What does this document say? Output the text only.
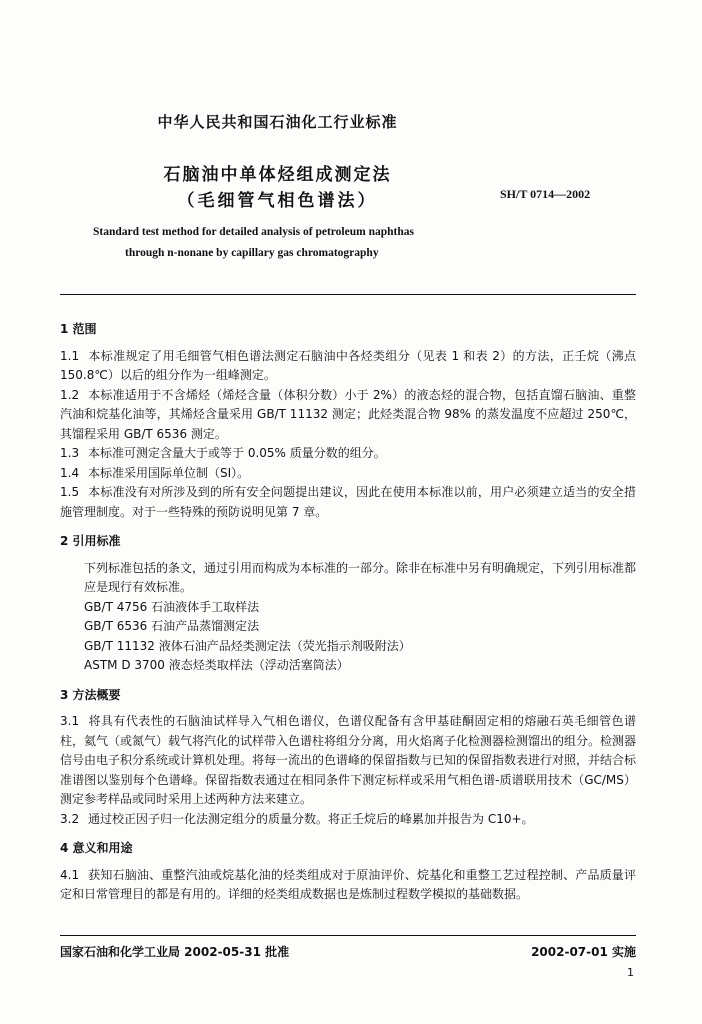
中华人民共和国石油化工行业标准
石脑油中单体烃组成测定法
（毛细管气相色谱法）	SH/T 0714—2002
Standard test method for detailed analysis of petroleum naphthas
through n-nonane by capillary gas chromatography
1 范围
1.1 本标准规定了用毛细管气相色谱法测定石脑油中各烃类组分（见表 1 和表 2）的方法，正壬烷（沸点 150.8℃）以后的组分作为一组峰测定。
1.2 本标准适用于不含烯烃（烯烃含量（体积分数）小于 2%）的液态烃的混合物，包括直馏石脑油、重整汽油和烷基化油等，其烯烃含量采用 GB/T 11132 测定；此烃类混合物 98% 的蒸发温度不应超过 250℃，其馏程采用 GB/T 6536 测定。
1.3 本标准可测定含量大于或等于 0.05% 质量分数的组分。
1.4 本标准采用国际单位制（SI）。
1.5 本标准没有对所涉及到的所有安全问题提出建议，因此在使用本标准以前，用户必须建立适当的安全措施管理制度。对于一些特殊的预防说明见第 7 章。
2 引用标准
下列标准包括的条文，通过引用而构成为本标准的一部分。除非在标准中另有明确规定，下列引用标准都应是现行有效标准。
GB/T 4756 石油液体手工取样法
GB/T 6536 石油产品蒸馏测定法
GB/T 11132 液体石油产品烃类测定法（荧光指示剂吸附法）
ASTM D 3700 液态烃类取样法（浮动活塞筒法）
3 方法概要
3.1 将具有代表性的石脑油试样导入气相色谱仪，色谱仪配备有含甲基硅酮固定相的熔融石英毛细管色谱柱，氦气（或氮气）载气将汽化的试样带入色谱柱将组分分离，用火焰离子化检测器检测馏出的组分。检测器信号由电子积分系统或计算机处理。将每一流出的色谱峰的保留指数与已知的保留指数表进行对照，并结合标准谱图以鉴别每个色谱峰。保留指数表通过在相同条件下测定标样或采用气相色谱-质谱联用技术（GC/MS）测定参考样品或同时采用上述两种方法来建立。
3.2 通过校正因子归一化法测定组分的质量分数。将正壬烷后的峰累加并报告为 C10+。
4 意义和用途
4.1 获知石脑油、重整汽油或烷基化油的烃类组成对于原油评价、烷基化和重整工艺过程控制、产品质量评定和日常管理目的都是有用的。详细的烃类组成数据也是炼制过程数学模拟的基础数据。
国家石油和化学工业局 2002-05-31 批准	2002-07-01 实施
1
